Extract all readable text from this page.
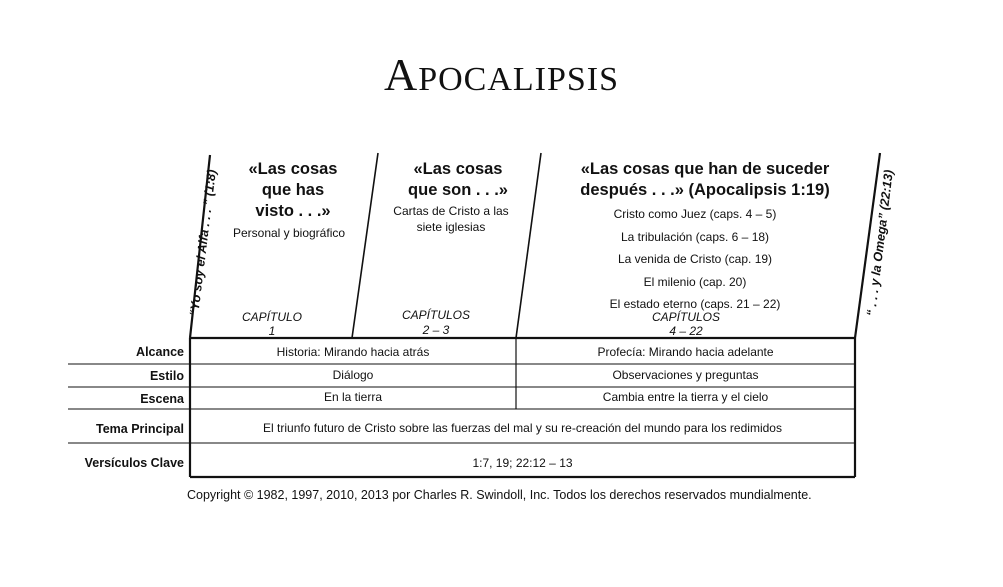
APOCALIPSIS
“Yo soy el Alfa . . . ” (1:8)	“ . . . y la Omega” (22:13)
«Las cosas
que has
visto . . .»
Personal y biográfico
CAPÍTULO
1
«Las cosas
que son . . .»
Cartas de Cristo a las
siete iglesias
CAPÍTULOS
2 – 3
«Las cosas que han de suceder
después . . .» (Apocalipsis 1:19)
Cristo como Juez (caps. 4 – 5)
La tribulación (caps. 6 – 18)
La venida de Cristo (cap. 19)
El milenio (cap. 20)
El estado eterno (caps. 21 – 22)
CAPÍTULOS
4 – 22
Alcance	Historia: Mirando hacia atrás	Profecía: Mirando hacia adelante
Estilo	Diálogo	Observaciones y preguntas
Escena	En la tierra	Cambia entre la tierra y el cielo
Tema Principal	El triunfo futuro de Cristo sobre las fuerzas del mal y su re-creación del mundo para los redimidos
Versículos Clave	1:7, 19; 22:12 – 13
Copyright © 1982, 1997, 2010, 2013 por Charles R. Swindoll, Inc. Todos los derechos reservados mundialmente.
